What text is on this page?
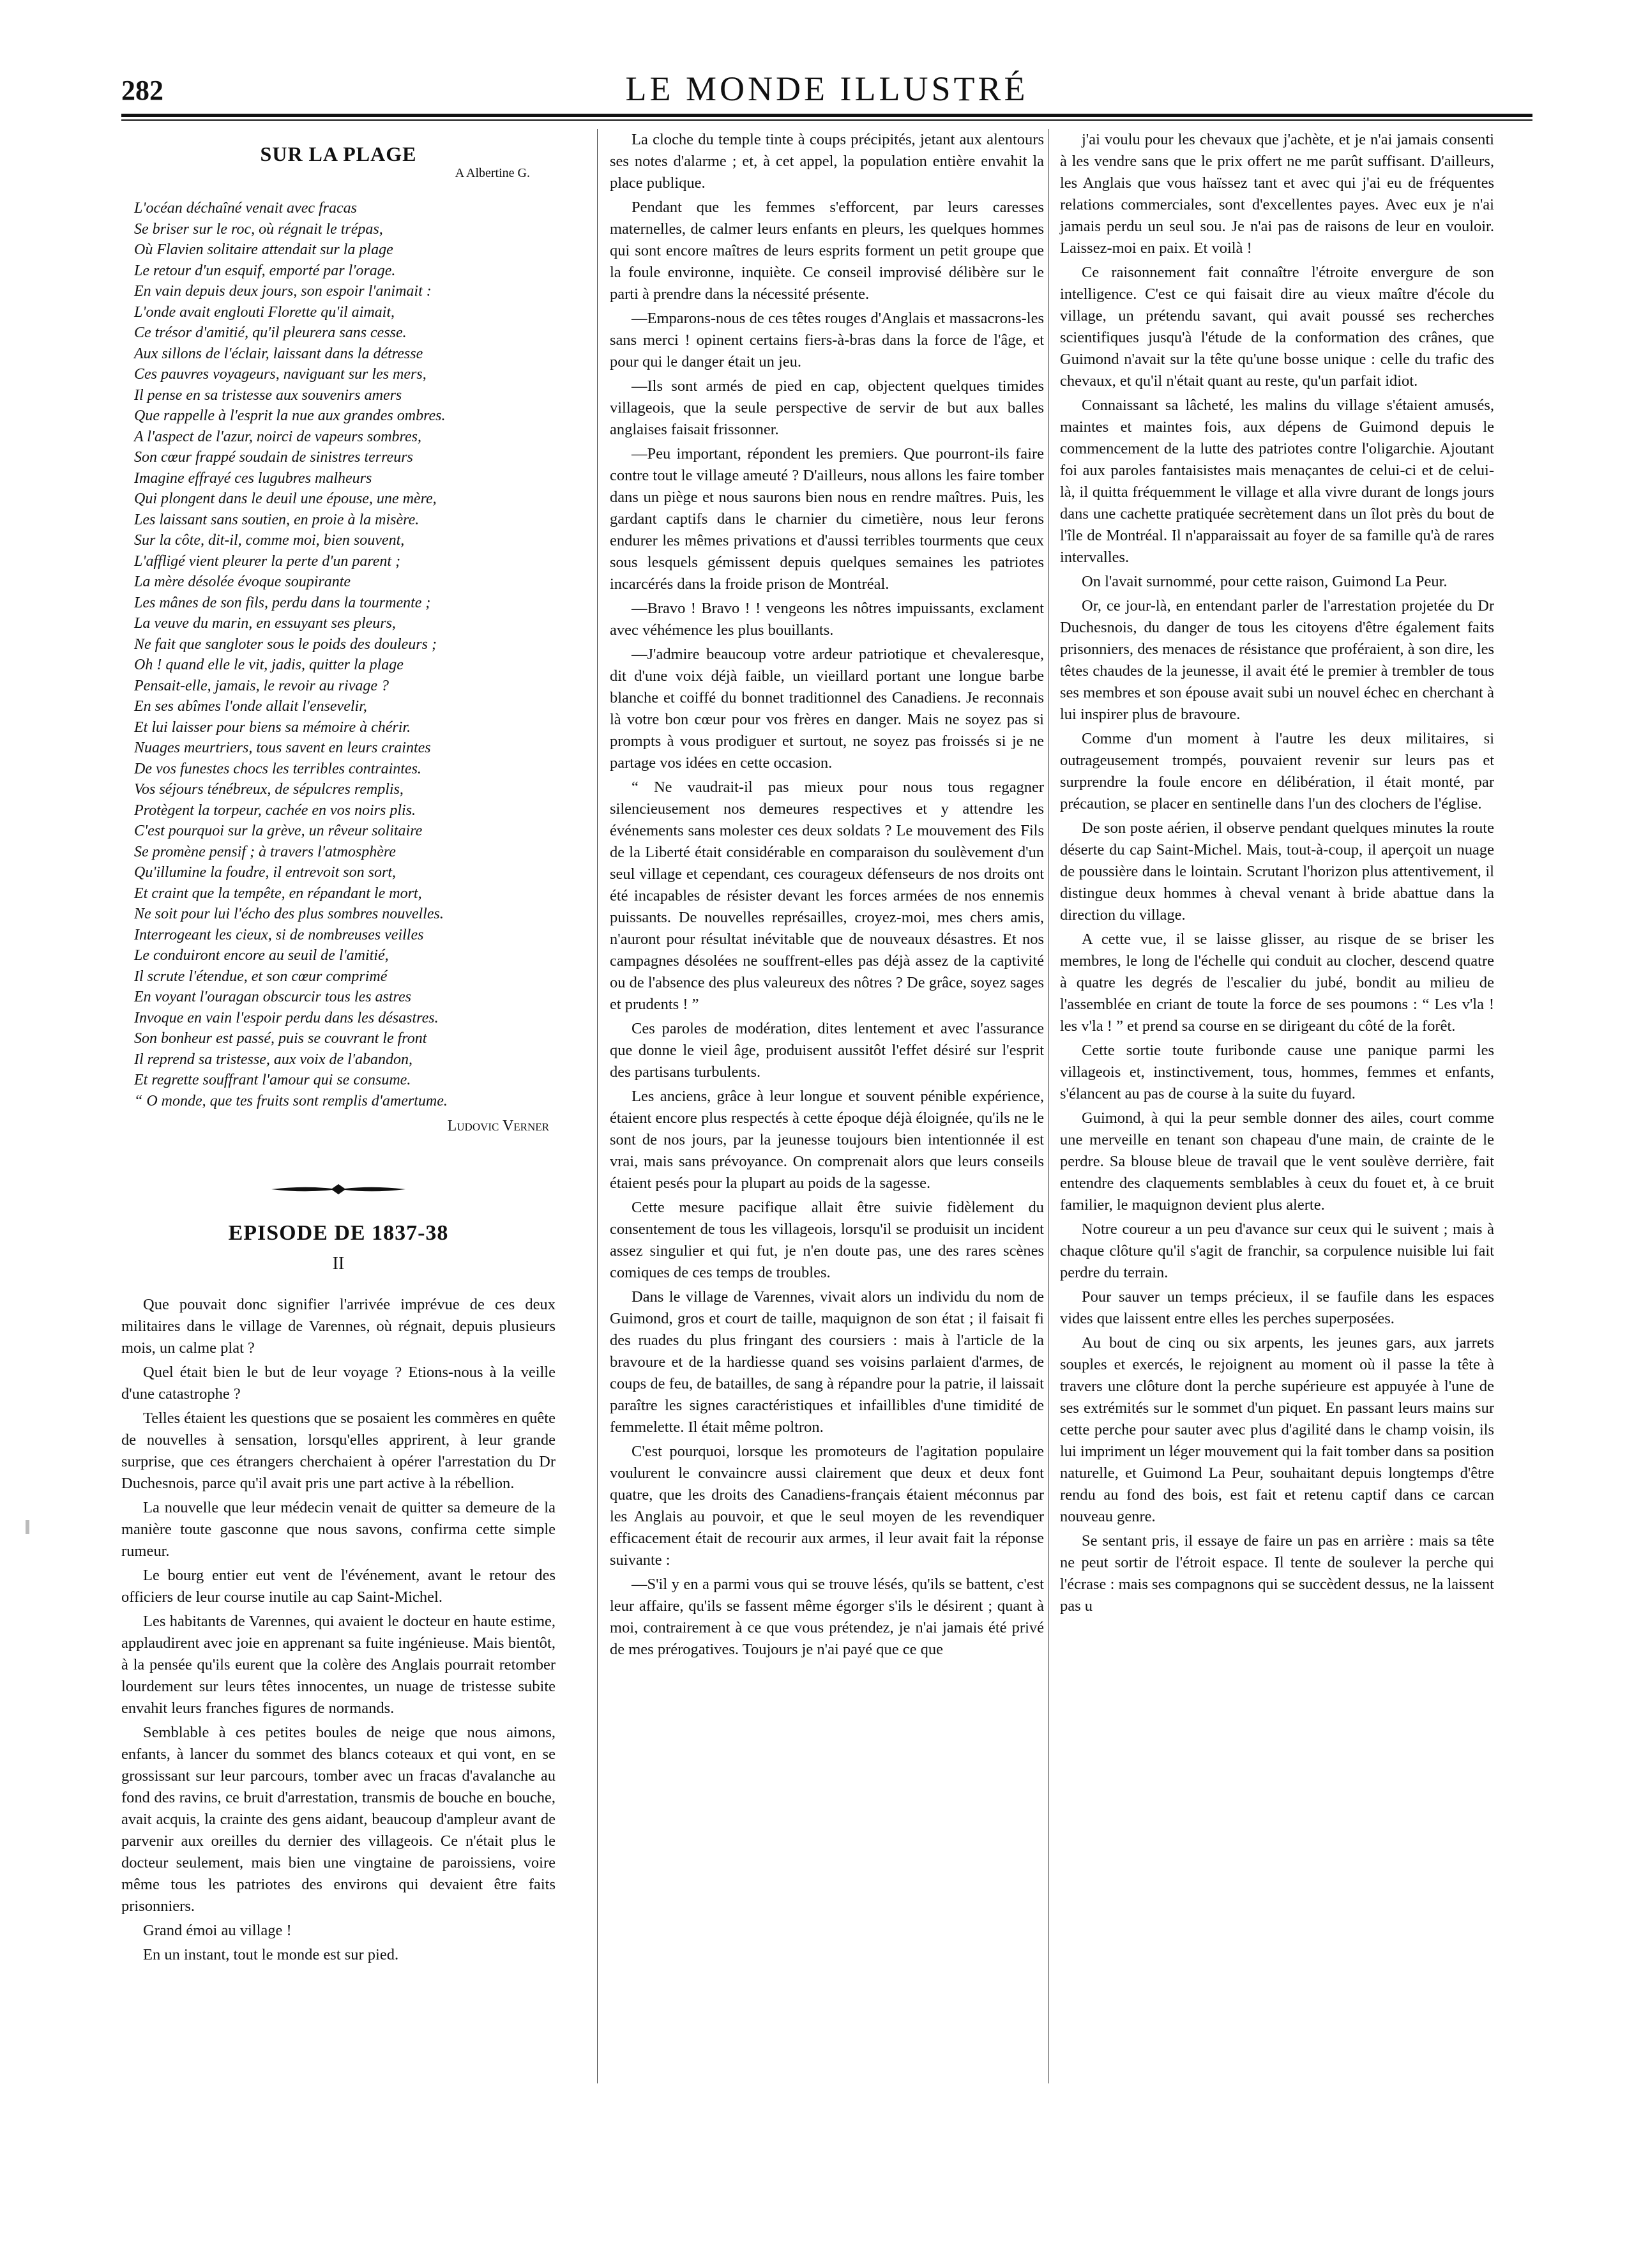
282	LE MONDE ILLUSTRÉ
SUR LA PLAGE
A Albertine G.
L'océan déchaîné venait avec fracas
Se briser sur le roc, où régnait le trépas,
Où Flavien solitaire attendait sur la plage
Le retour d'un esquif, emporté par l'orage.
En vain depuis deux jours, son espoir l'animait :
L'onde avait englouti Florette qu'il aimait,
Ce trésor d'amitié, qu'il pleurera sans cesse.
Aux sillons de l'éclair, laissant dans la détresse
Ces pauvres voyageurs, naviguant sur les mers,
Il pense en sa tristesse aux souvenirs amers
Que rappelle à l'esprit la nue aux grandes ombres.
A l'aspect de l'azur, noirci de vapeurs sombres,
Son cœur frappé soudain de sinistres terreurs
Imagine effrayé ces lugubres malheurs
Qui plongent dans le deuil une épouse, une mère,
Les laissant sans soutien, en proie à la misère.
Sur la côte, dit-il, comme moi, bien souvent,
L'affligé vient pleurer la perte d'un parent ;
La mère désolée évoque soupirante
Les mânes de son fils, perdu dans la tourmente ;
La veuve du marin, en essuyant ses pleurs,
Ne fait que sangloter sous le poids des douleurs ;
Oh ! quand elle le vit, jadis, quitter la plage
Pensait-elle, jamais, le revoir au rivage ?
En ses abîmes l'onde allait l'ensevelir,
Et lui laisser pour biens sa mémoire à chérir.
Nuages meurtriers, tous savent en leurs craintes
De vos funestes chocs les terribles contraintes.
Vos séjours ténébreux, de sépulcres remplis,
Protègent la torpeur, cachée en vos noirs plis.
C'est pourquoi sur la grève, un rêveur solitaire
Se promène pensif ; à travers l'atmosphère
Qu'illumine la foudre, il entrevoit son sort,
Et craint que la tempête, en répandant le mort,
Ne soit pour lui l'écho des plus sombres nouvelles.
Interrogeant les cieux, si de nombreuses veilles
Le conduiront encore au seuil de l'amitié,
Il scrute l'étendue, et son cœur comprimé
En voyant l'ouragan obscurcir tous les astres
Invoque en vain l'espoir perdu dans les désastres.
Son bonheur est passé, puis se couvrant le front
Il reprend sa tristesse, aux voix de l'abandon,
Et regrette souffrant l'amour qui se consume.
“ O monde, que tes fruits sont remplis d'amertume.
Ludovic Verner
EPISODE DE 1837-38
II

Que pouvait donc signifier l'arrivée imprévue de ces deux militaires dans le village de Varennes, où régnait, depuis plusieurs mois, un calme plat ?

Quel était bien le but de leur voyage ? Etions-nous à la veille d'une catastrophe ?

Telles étaient les questions que se posaient les commères en quête de nouvelles à sensation, lorsqu'elles apprirent, à leur grande surprise, que ces étrangers cherchaient à opérer l'arrestation du Dr Duchesnois, parce qu'il avait pris une part active à la rébellion.

La nouvelle que leur médecin venait de quitter sa demeure de la manière toute gasconne que nous savons, confirma cette simple rumeur.

Le bourg entier eut vent de l'événement, avant le retour des officiers de leur course inutile au cap Saint-Michel.

Les habitants de Varennes, qui avaient le docteur en haute estime, applaudirent avec joie en apprenant sa fuite ingénieuse. Mais bientôt, à la pensée qu'ils eurent que la colère des Anglais pourrait retomber lourdement sur leurs têtes innocentes, un nuage de tristesse subite envahit leurs franches figures de normands.

Semblable à ces petites boules de neige que nous aimons, enfants, à lancer du sommet des blancs coteaux et qui vont, en se grossissant sur leur parcours, tomber avec un fracas d'avalanche au fond des ravins, ce bruit d'arrestation, transmis de bouche en bouche, avait acquis, la crainte des gens aidant, beaucoup d'ampleur avant de parvenir aux oreilles du dernier des villageois. Ce n'était plus le docteur seulement, mais bien une vingtaine de paroissiens, voire même tous les patriotes des environs qui devaient être faits prisonniers.

Grand émoi au village !

En un instant, tout le monde est sur pied.

La cloche du temple tinte à coups précipités, jetant aux alentours ses notes d'alarme ; et, à cet appel, la population entière envahit la place publique.

Pendant que les femmes s'efforcent, par leurs caresses maternelles, de calmer leurs enfants en pleurs, les quelques hommes qui sont encore maîtres de leurs esprits forment un petit groupe que la foule environne, inquiète. Ce conseil improvisé délibère sur le parti à prendre dans la nécessité présente.

—Emparons-nous de ces têtes rouges d'Anglais et massacrons-les sans merci ! opinent certains fiers-à-bras dans la force de l'âge, et pour qui le danger était un jeu.

—Ils sont armés de pied en cap, objectent quelques timides villageois, que la seule perspective de servir de but aux balles anglaises faisait frissonner.

—Peu important, répondent les premiers. Que pourront-ils faire contre tout le village ameuté ? D'ailleurs, nous allons les faire tomber dans un piège et nous saurons bien nous en rendre maîtres. Puis, les gardant captifs dans le charnier du cimetière, nous leur ferons endurer les mêmes privations et d'aussi terribles tourments que ceux sous lesquels gémissent depuis quelques semaines les patriotes incarcérés dans la froide prison de Montréal.

—Bravo ! Bravo ! ! vengeons les nôtres impuissants, exclament avec véhémence les plus bouillants.

—J'admire beaucoup votre ardeur patriotique et chevaleresque, dit d'une voix déjà faible, un vieillard portant une longue barbe blanche et coiffé du bonnet traditionnel des Canadiens. Je reconnais là votre bon cœur pour vos frères en danger. Mais ne soyez pas si prompts à vous prodiguer et surtout, ne soyez pas froissés si je ne partage vos idées en cette occasion.

“ Ne vaudrait-il pas mieux pour nous tous regagner silencieusement nos demeures respectives et y attendre les événements sans molester ces deux soldats ? Le mouvement des Fils de la Liberté était considérable en comparaison du soulèvement d'un seul village et cependant, ces courageux défenseurs de nos droits ont été incapables de résister devant les forces armées de nos ennemis puissants. De nouvelles représailles, croyez-moi, mes chers amis, n'auront pour résultat inévitable que de nouveaux désastres. Et nos campagnes désolées ne souffrent-elles pas déjà assez de la captivité ou de l'absence des plus valeureux des nôtres ? De grâce, soyez sages et prudents ! ”

Ces paroles de modération, dites lentement et avec l'assurance que donne le vieil âge, produisent aussitôt l'effet désiré sur l'esprit des partisans turbulents.

Les anciens, grâce à leur longue et souvent pénible expérience, étaient encore plus respectés à cette époque déjà éloignée, qu'ils ne le sont de nos jours, par la jeunesse toujours bien intentionnée il est vrai, mais sans prévoyance. On comprenait alors que leurs conseils étaient pesés pour la plupart au poids de la sagesse.

Cette mesure pacifique allait être suivie fidèlement du consentement de tous les villageois, lorsqu'il se produisit un incident assez singulier et qui fut, je n'en doute pas, une des rares scènes comiques de ces temps de troubles.

Dans le village de Varennes, vivait alors un individu du nom de Guimond, gros et court de taille, maquignon de son état ; il faisait fi des ruades du plus fringant des coursiers : mais à l'article de la bravoure et de la hardiesse quand ses voisins parlaient d'armes, de coups de feu, de batailles, de sang à répandre pour la patrie, il laissait paraître les signes caractéristiques et infaillibles d'une timidité de femmelette. Il était même poltron.

C'est pourquoi, lorsque les promoteurs de l'agitation populaire voulurent le convaincre aussi clairement que deux et deux font quatre, que les droits des Canadiens-français étaient méconnus par les Anglais au pouvoir, et que le seul moyen de les revendiquer efficacement était de recourir aux armes, il leur avait fait la réponse suivante :

—S'il y en a parmi vous qui se trouve lésés, qu'ils se battent, c'est leur affaire, qu'ils se fassent même égorger s'ils le désirent ; quant à moi, contrairement à ce que vous prétendez, je n'ai jamais été privé de mes prérogatives. Toujours je n'ai payé que ce que

j'ai voulu pour les chevaux que j'achète, et je n'ai jamais consenti à les vendre sans que le prix offert ne me parût suffisant. D'ailleurs, les Anglais que vous haïssez tant et avec qui j'ai eu de fréquentes relations commerciales, sont d'excellentes payes. Avec eux je n'ai jamais perdu un seul sou. Je n'ai pas de raisons de leur en vouloir. Laissez-moi en paix. Et voilà !

Ce raisonnement fait connaître l'étroite envergure de son intelligence. C'est ce qui faisait dire au vieux maître d'école du village, un prétendu savant, qui avait poussé ses recherches scientifiques jusqu'à l'étude de la conformation des crânes, que Guimond n'avait sur la tête qu'une bosse unique : celle du trafic des chevaux, et qu'il n'était quant au reste, qu'un parfait idiot.

Connaissant sa lâcheté, les malins du village s'étaient amusés, maintes et maintes fois, aux dépens de Guimond depuis le commencement de la lutte des patriotes contre l'oligarchie. Ajoutant foi aux paroles fantaisistes mais menaçantes de celui-ci et de celui-là, il quitta fréquemment le village et alla vivre durant de longs jours dans une cachette pratiquée secrètement dans un îlot près du bout de l'île de Montréal. Il n'apparaissait au foyer de sa famille qu'à de rares intervalles.

On l'avait surnommé, pour cette raison, Guimond La Peur.

Or, ce jour-là, en entendant parler de l'arrestation projetée du Dr Duchesnois, du danger de tous les citoyens d'être également faits prisonniers, des menaces de résistance que proféraient, à son dire, les têtes chaudes de la jeunesse, il avait été le premier à trembler de tous ses membres et son épouse avait subi un nouvel échec en cherchant à lui inspirer plus de bravoure.

Comme d'un moment à l'autre les deux militaires, si outrageusement trompés, pouvaient revenir sur leurs pas et surprendre la foule encore en délibération, il était monté, par précaution, se placer en sentinelle dans l'un des clochers de l'église.

De son poste aérien, il observe pendant quelques minutes la route déserte du cap Saint-Michel. Mais, tout-à-coup, il aperçoit un nuage de poussière dans le lointain. Scrutant l'horizon plus attentivement, il distingue deux hommes à cheval venant à bride abattue dans la direction du village.

A cette vue, il se laisse glisser, au risque de se briser les membres, le long de l'échelle qui conduit au clocher, descend quatre à quatre les degrés de l'escalier du jubé, bondit au milieu de l'assemblée en criant de toute la force de ses poumons : “ Les v'la ! les v'la ! ” et prend sa course en se dirigeant du côté de la forêt.

Cette sortie toute furibonde cause une panique parmi les villageois et, instinctivement, tous, hommes, femmes et enfants, s'élancent au pas de course à la suite du fuyard.

Guimond, à qui la peur semble donner des ailes, court comme une merveille en tenant son chapeau d'une main, de crainte de le perdre. Sa blouse bleue de travail que le vent soulève derrière, fait entendre des claquements semblables à ceux du fouet et, à ce bruit familier, le maquignon devient plus alerte.

Notre coureur a un peu d'avance sur ceux qui le suivent ; mais à chaque clôture qu'il s'agit de franchir, sa corpulence nuisible lui fait perdre du terrain.

Pour sauver un temps précieux, il se faufile dans les espaces vides que laissent entre elles les perches superposées.

Au bout de cinq ou six arpents, les jeunes gars, aux jarrets souples et exercés, le rejoignent au moment où il passe la tête à travers une clôture dont la perche supérieure est appuyée à l'une de ses extrémités sur le sommet d'un piquet. En passant leurs mains sur cette perche pour sauter avec plus d'agilité dans le champ voisin, ils lui impriment un léger mouvement qui la fait tomber dans sa position naturelle, et Guimond La Peur, souhaitant depuis longtemps d'être rendu au fond des bois, est fait et retenu captif dans ce carcan nouveau genre.

Se sentant pris, il essaye de faire un pas en arrière : mais sa tête ne peut sortir de l'étroit espace. Il tente de soulever la perche qui l'écrase : mais ses compagnons qui se succèdent dessus, ne la laissent pas u
